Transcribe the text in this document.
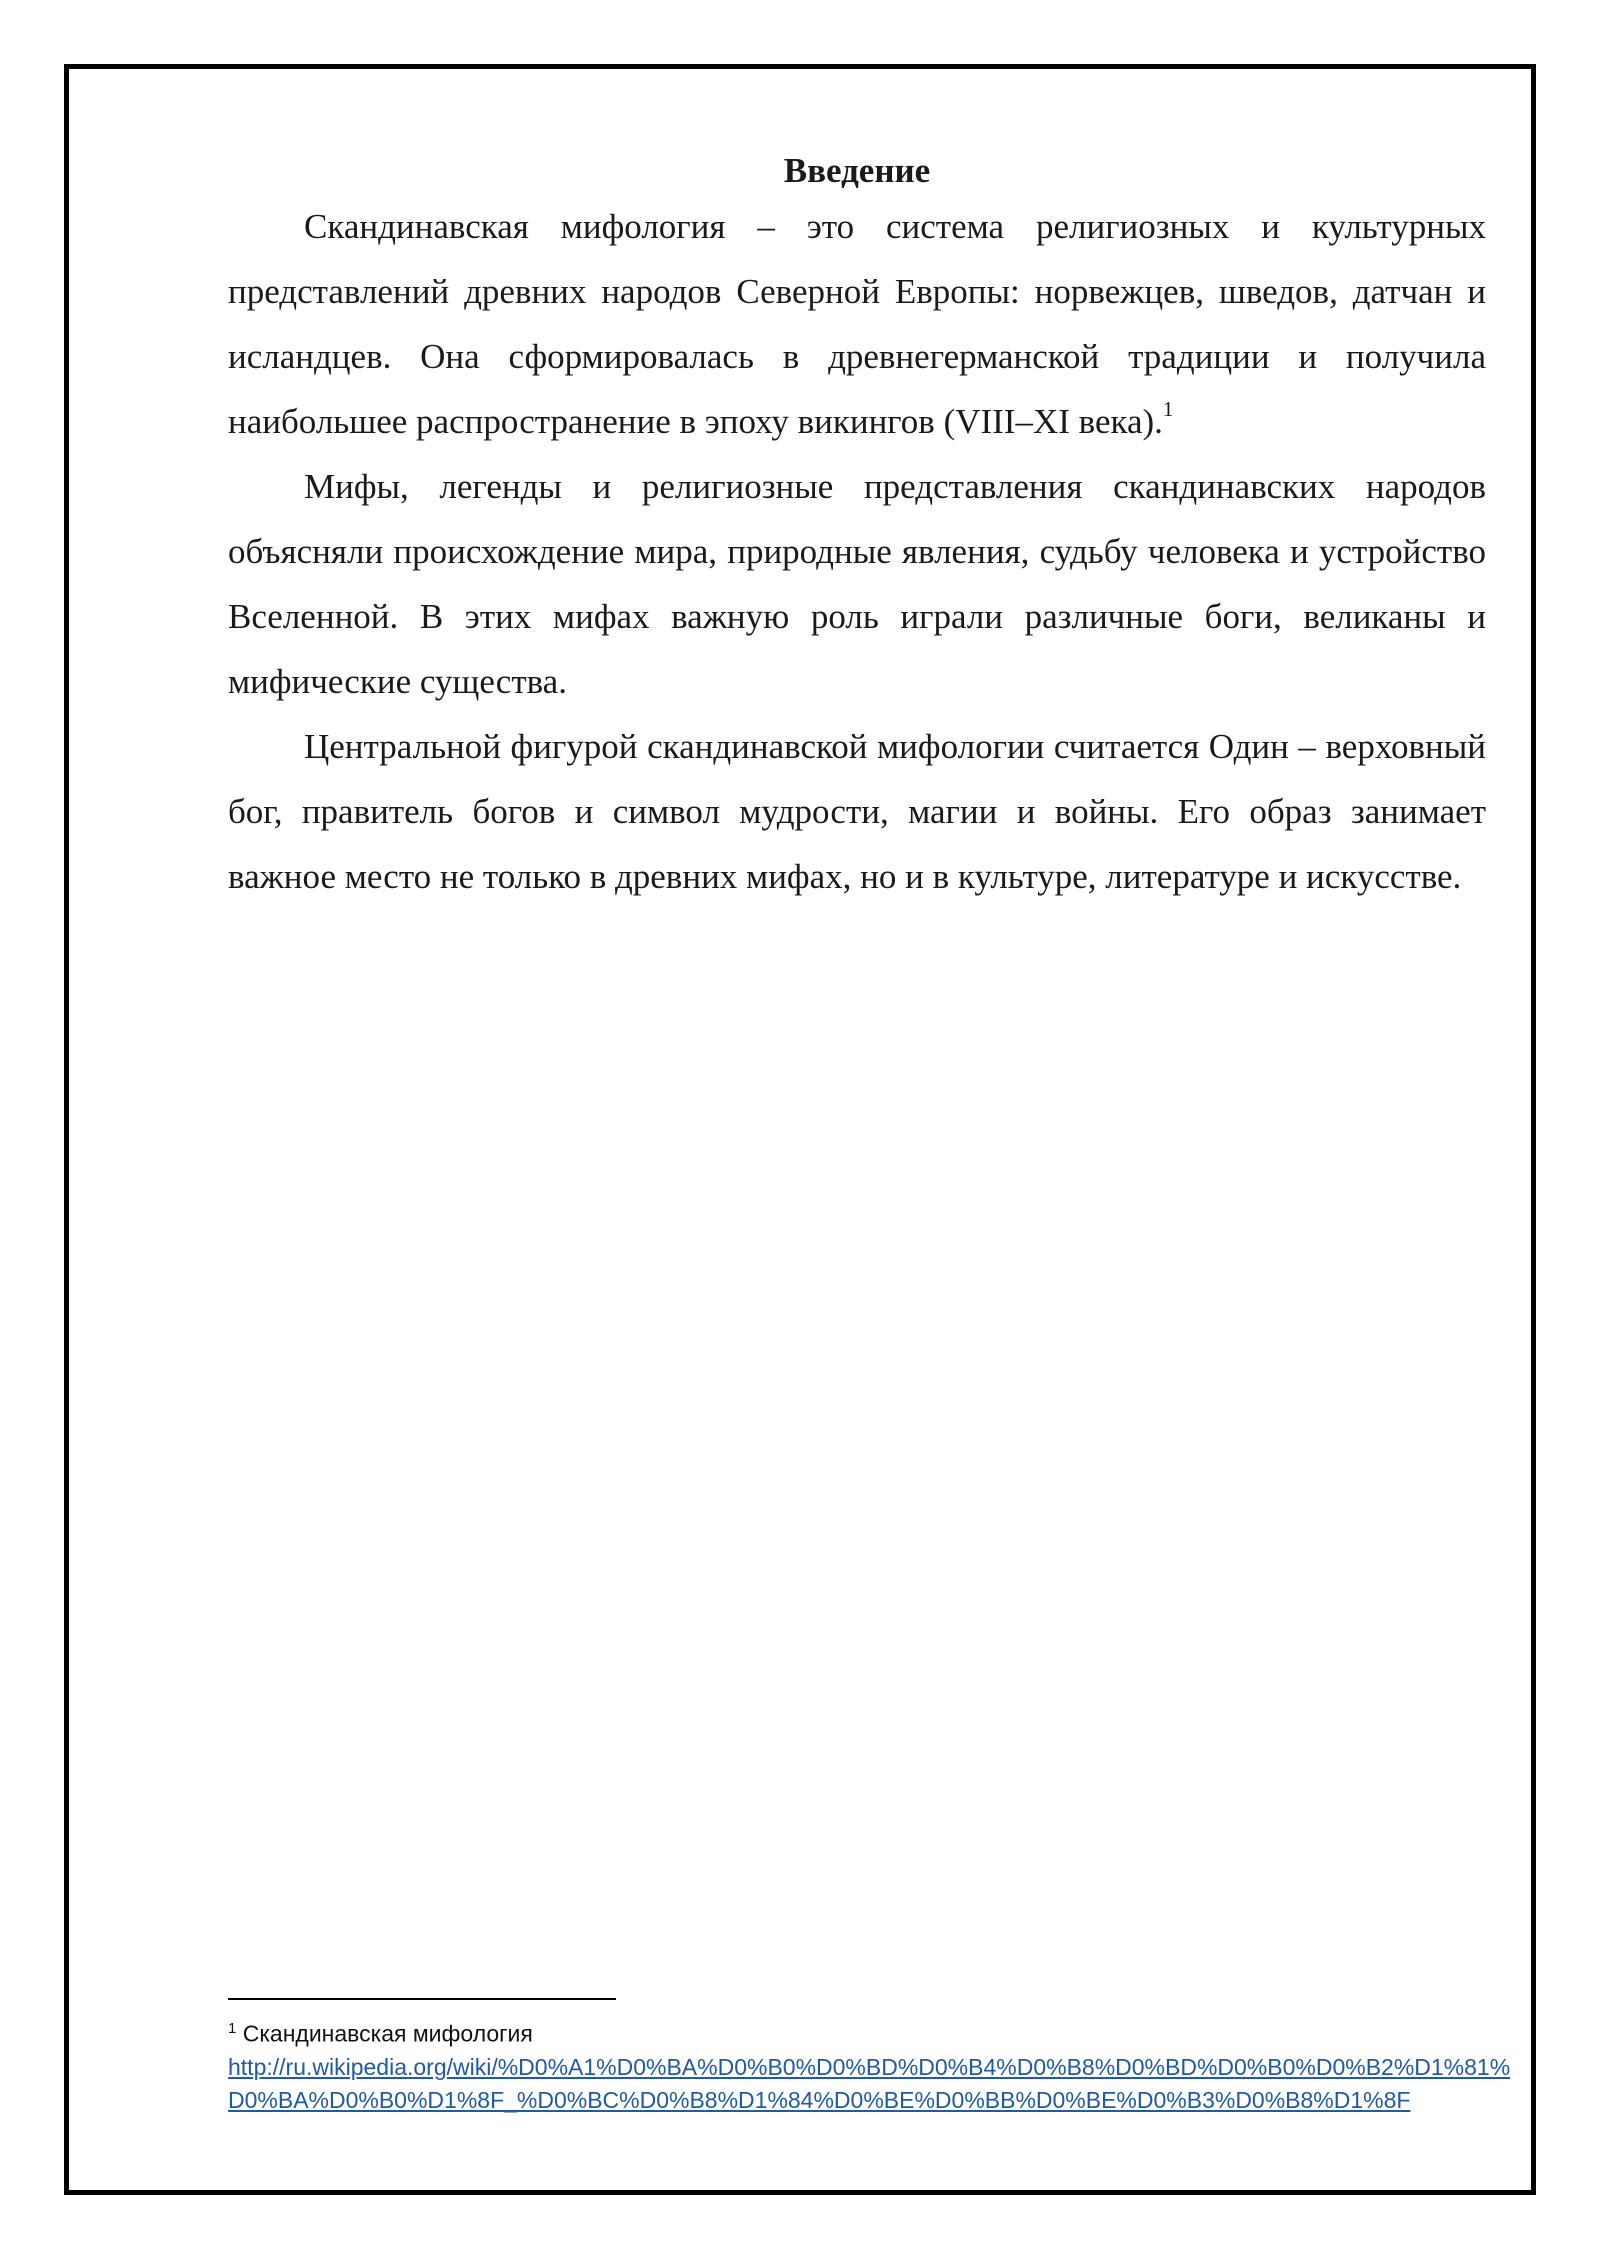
Введение

Скандинавская мифология – это система религиозных и культурных представлений древних народов Северной Европы: норвежцев, шведов, датчан и исландцев. Она сформировалась в древнегерманской традиции и получила наибольшее распространение в эпоху викингов (VIII–XI века).$^1$

Мифы, легенды и религиозные представления скандинавских народов объясняли происхождение мира, природные явления, судьбу человека и устройство Вселенной. В этих мифах важную роль играли различные боги, великаны и мифические существа.

Центральной фигурой скандинавской мифологии считается Один – верховный бог, правитель богов и символ мудрости, магии и войны. Его образ занимает важное место не только в древних мифах, но и в культуре, литературе и искусстве.

$^1$ Скандинавская мифология
http://ru.wikipedia.org/wiki/%D0%A1%D0%BA%D0%B0%D0%BD%D0%B4%D0%B8%D0%BD%D0%B0%D0%B2%D1%81%D0%BA%D0%B0%D1%8F_%D0%BC%D0%B8%D1%84%D0%BE%D0%BB%D0%BE%D0%B3%D0%B8%D1%8F
